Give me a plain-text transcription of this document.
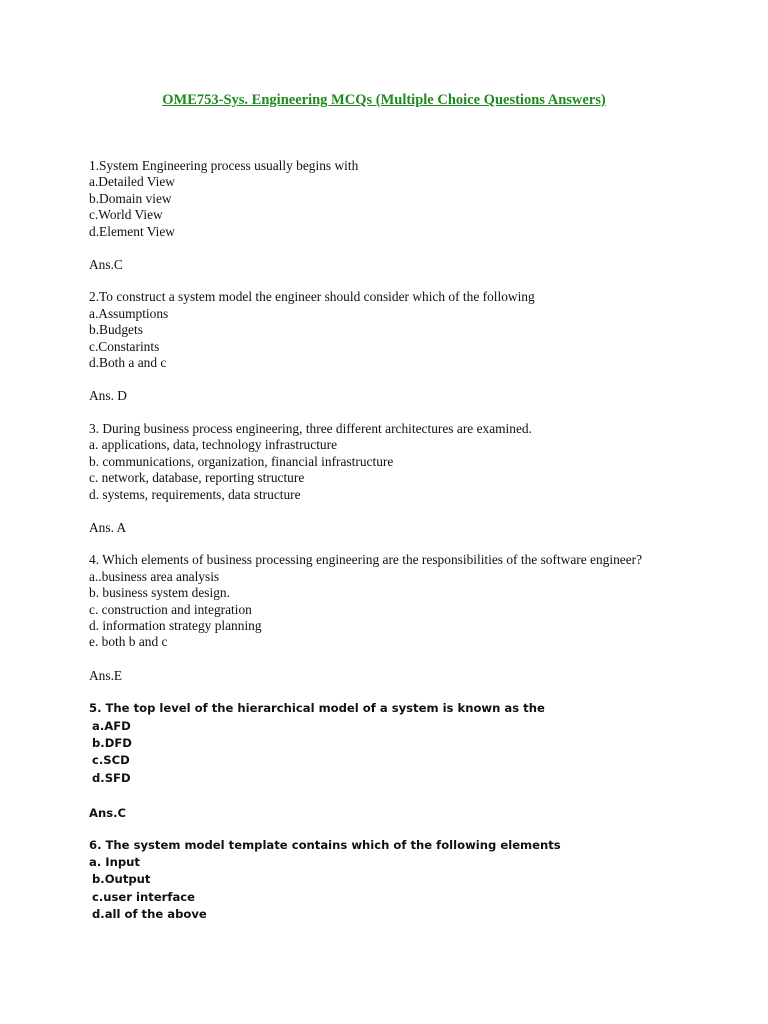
OME753-Sys. Engineering MCQs (Multiple Choice Questions Answers)
1.System Engineering process usually begins with
a.Detailed View
b.Domain view
c.World View
d.Element View
Ans.C
2.To construct a system model the engineer should consider which of the following
a.Assumptions
b.Budgets
c.Constarints
d.Both a and c
Ans. D
3. During business process engineering, three different architectures are examined.
a. applications, data, technology infrastructure
b. communications, organization, financial infrastructure
c. network, database, reporting structure
d. systems, requirements, data structure
Ans. A
4. Which elements of business processing engineering are the responsibilities of the software engineer?
a..business area analysis
b. business system design.
c. construction and integration
d. information strategy planning
e. both b and c
Ans.E
5. The top level of the hierarchical model of a system is known as the
a.AFD
b.DFD
c.SCD
d.SFD
Ans.C
6. The system model template contains which of the following elements
a. Input
b.Output
c.user interface
d.all of the above
